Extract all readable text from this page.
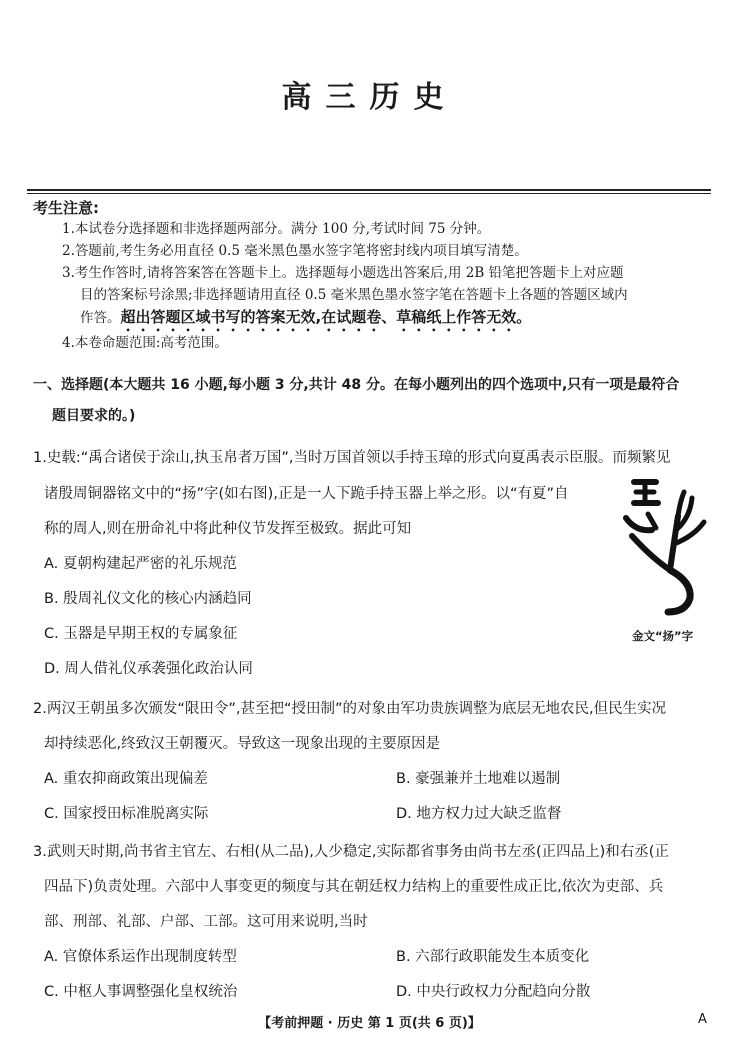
高三历史
考生注意:
1.本试卷分选择题和非选择题两部分。满分 100 分,考试时间 75 分钟。
2.答题前,考生务必用直径 0.5 毫米黑色墨水签字笔将密封线内项目填写清楚。
3.考生作答时,请将答案答在答题卡上。选择题每小题选出答案后,用 2B 铅笔把答题卡上对应题
目的答案标号涂黑;非选择题请用直径 0.5 毫米黑色墨水签字笔在答题卡上各题的答题区域内
作答。超出答题区域书写的答案无效,在试题卷、草稿纸上作答无效。
4.本卷命题范围:高考范围。
一、选择题(本大题共 16 小题,每小题 3 分,共计 48 分。在每小题列出的四个选项中,只有一项是最符合
题目要求的。)
1.史载:“禹合诸侯于涂山,执玉帛者万国”,当时万国首领以手持玉璋的形式向夏禹表示臣服。而频繁见
诸殷周铜器铭文中的“扬”字(如右图),正是一人下跪手持玉器上举之形。以“有夏”自
称的周人,则在册命礼中将此种仪节发挥至极致。据此可知
A. 夏朝构建起严密的礼乐规范
B. 殷周礼仪文化的核心内涵趋同
C. 玉器是早期王权的专属象征
D. 周人借礼仪承袭强化政治认同
金文“扬”字
2.两汉王朝虽多次颁发“限田令”,甚至把“授田制”的对象由军功贵族调整为底层无地农民,但民生实况
却持续恶化,终致汉王朝覆灭。导致这一现象出现的主要原因是
A. 重农抑商政策出现偏差	B. 豪强兼并土地难以遏制
C. 国家授田标准脱离实际	D. 地方权力过大缺乏监督
3.武则天时期,尚书省主官左、右相(从二品),人少稳定,实际都省事务由尚书左丞(正四品上)和右丞(正
四品下)负责处理。六部中人事变更的频度与其在朝廷权力结构上的重要性成正比,依次为吏部、兵
部、刑部、礼部、户部、工部。这可用来说明,当时
A. 官僚体系运作出现制度转型	B. 六部行政职能发生本质变化
C. 中枢人事调整强化皇权统治	D. 中央行政权力分配趋向分散
【考前押题 · 历史 第 1 页(共 6 页)】	A
